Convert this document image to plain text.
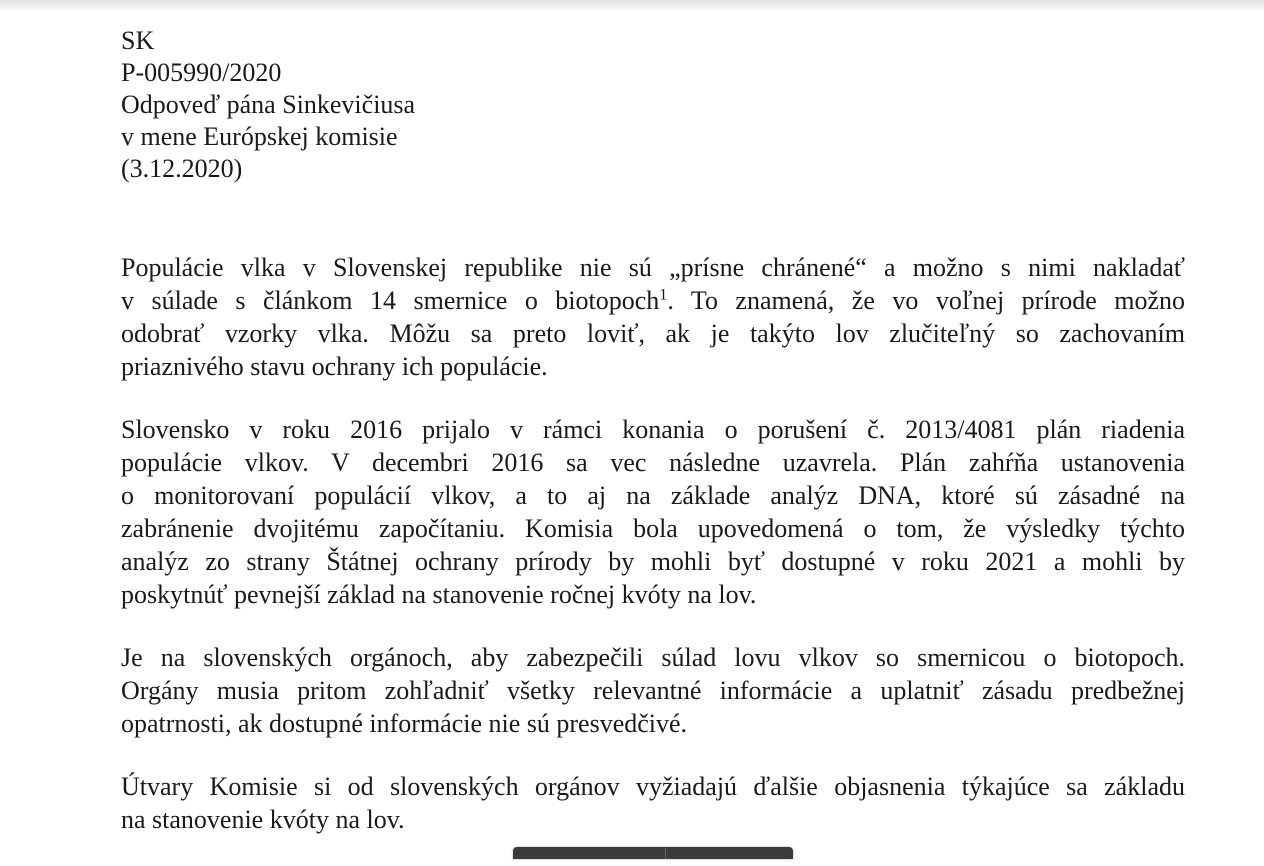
SK
P-005990/2020
Odpoveď pána Sinkevičiusa
v mene Európskej komisie
(3.12.2020)
Populácie vlka v Slovenskej republike nie sú „prísne chránené“ a možno s nimi nakladať
v súlade s článkom 14 smernice o biotopoch$^1$. To znamená, že vo voľnej prírode možno
odobrať vzorky vlka. Môžu sa preto loviť, ak je takýto lov zlučiteľný so zachovaním
priaznivého stavu ochrany ich populácie.
Slovensko v roku 2016 prijalo v rámci konania o porušení č. 2013/4081 plán riadenia
populácie vlkov. V decembri 2016 sa vec následne uzavrela. Plán zahŕňa ustanovenia
o monitorovaní populácií vlkov, a to aj na základe analýz DNA, ktoré sú zásadné na
zabránenie dvojitému započítaniu. Komisia bola upovedomená o tom, že výsledky týchto
analýz zo strany Štátnej ochrany prírody by mohli byť dostupné v roku 2021 a mohli by
poskytnúť pevnejší základ na stanovenie ročnej kvóty na lov.
Je na slovenských orgánoch, aby zabezpečili súlad lovu vlkov so smernicou o biotopoch.
Orgány musia pritom zohľadniť všetky relevantné informácie a uplatniť zásadu predbežnej
opatrnosti, ak dostupné informácie nie sú presvedčivé.
Útvary Komisie si od slovenských orgánov vyžiadajú ďalšie objasnenia týkajúce sa základu
na stanovenie kvóty na lov.
